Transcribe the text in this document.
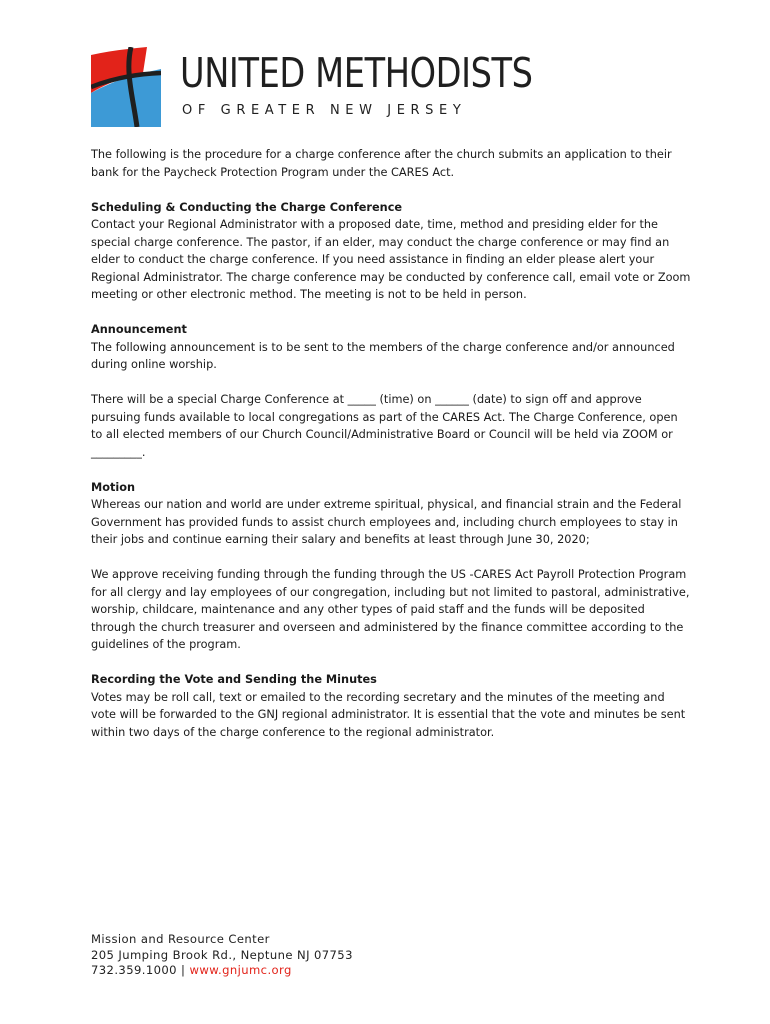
UNITED METHODISTS
OF GREATER NEW JERSEY

The following is the procedure for a charge conference after the church submits an application to their bank for the Paycheck Protection Program under the CARES Act.

Scheduling & Conducting the Charge Conference
Contact your Regional Administrator with a proposed date, time, method and presiding elder for the special charge conference. The pastor, if an elder, may conduct the charge conference or may find an elder to conduct the charge conference. If you need assistance in finding an elder please alert your Regional Administrator. The charge conference may be conducted by conference call, email vote or Zoom meeting or other electronic method. The meeting is not to be held in person.

Announcement
The following announcement is to be sent to the members of the charge conference and/or announced during online worship.

There will be a special Charge Conference at _____ (time) on ______ (date) to sign off and approve pursuing funds available to local congregations as part of the CARES Act. The Charge Conference, open to all elected members of our Church Council/Administrative Board or Council will be held via ZOOM or _________.

Motion
Whereas our nation and world are under extreme spiritual, physical, and financial strain and the Federal Government has provided funds to assist church employees and, including church employees to stay in their jobs and continue earning their salary and benefits at least through June 30, 2020;

We approve receiving funding through the funding through the US -CARES Act Payroll Protection Program for all clergy and lay employees of our congregation, including but not limited to pastoral, administrative, worship, childcare, maintenance and any other types of paid staff and the funds will be deposited through the church treasurer and overseen and administered by the finance committee according to the guidelines of the program.

Recording the Vote and Sending the Minutes
Votes may be roll call, text or emailed to the recording secretary and the minutes of the meeting and vote will be forwarded to the GNJ regional administrator. It is essential that the vote and minutes be sent within two days of the charge conference to the regional administrator.

Mission and Resource Center
205 Jumping Brook Rd., Neptune NJ 07753
732.359.1000 | www.gnjumc.org
